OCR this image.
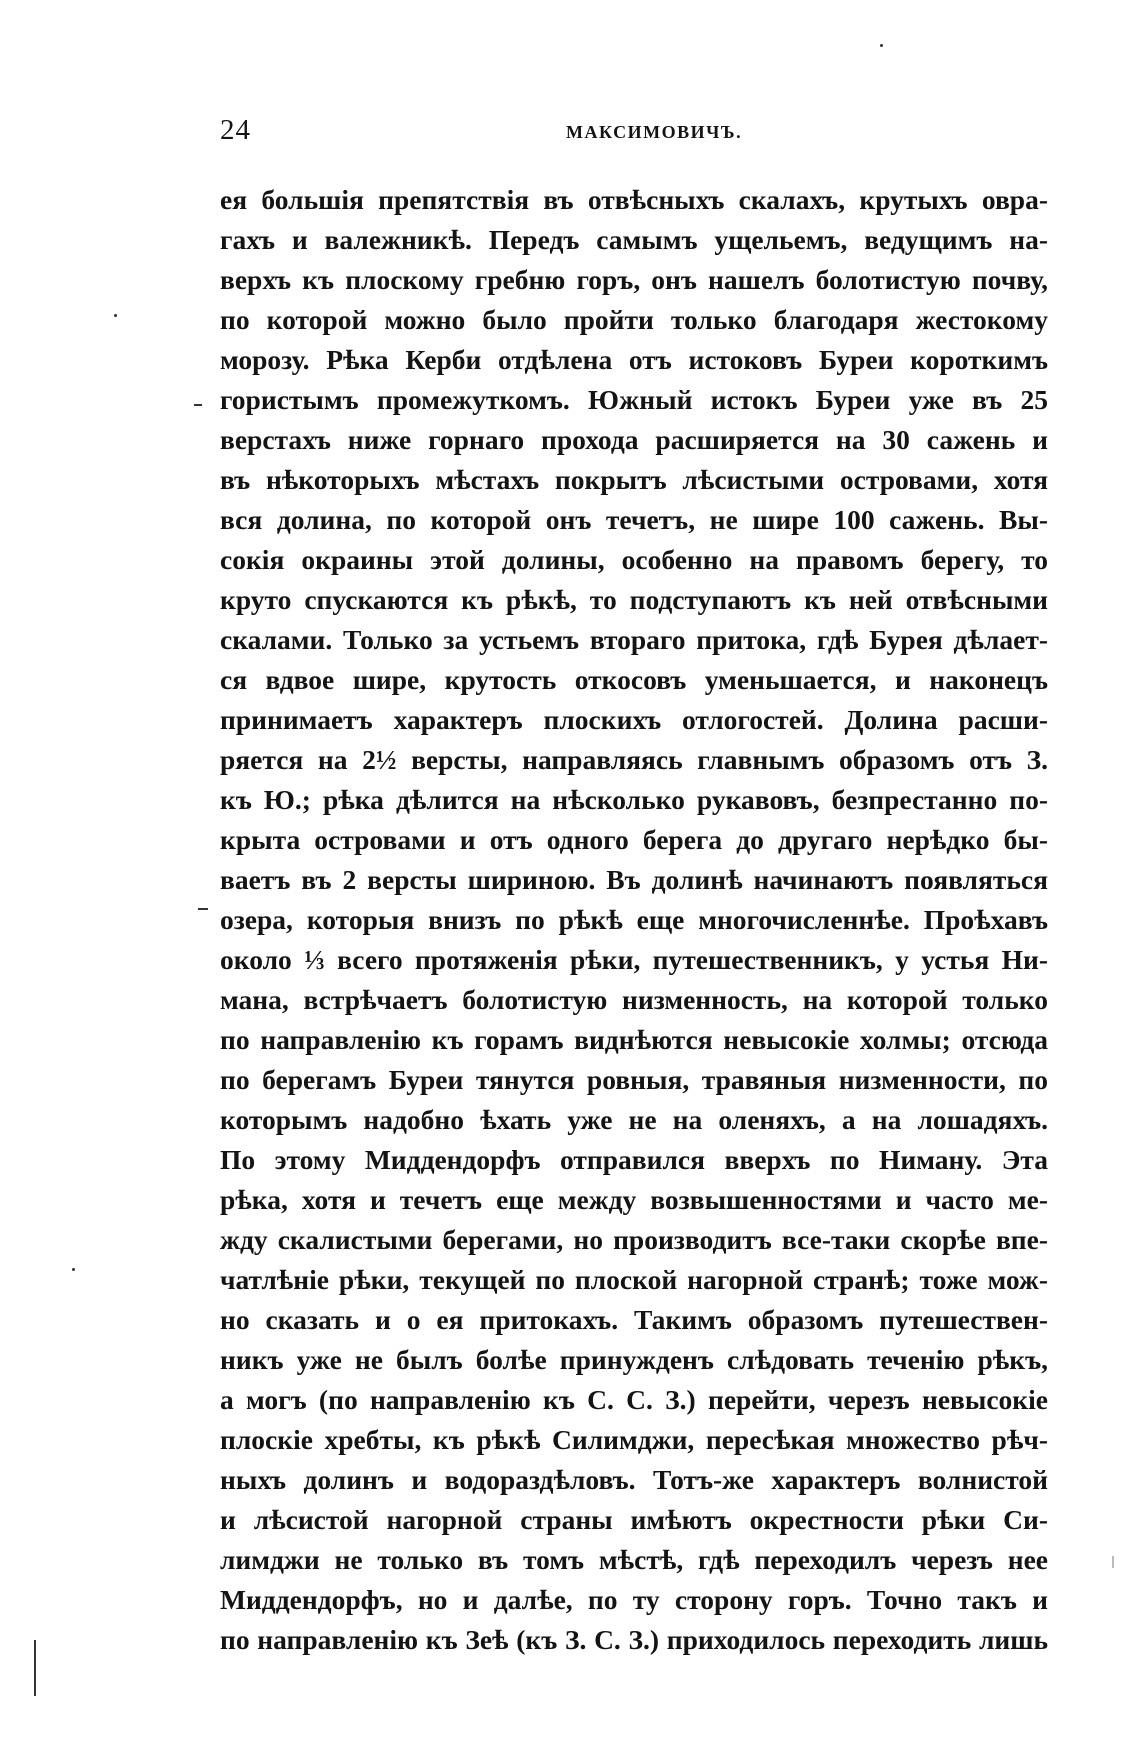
24	МАКСИМОВИЧЪ.
ея большія препятствія въ отвѣсныхъ скалахъ, крутыхъ овра-
гахъ и валежникѣ. Передъ самымъ ущельемъ, ведущимъ на-
верхъ къ плоскому гребню горъ, онъ нашелъ болотистую почву,
по которой можно было пройти только благодаря жестокому
морозу. Рѣка Керби отдѣлена отъ истоковъ Буреи короткимъ
гористымъ промежуткомъ. Южный истокъ Буреи уже въ 25
верстахъ ниже горнаго прохода расширяется на 30 сажень и
въ нѣкоторыхъ мѣстахъ покрытъ лѣсистыми островами, хотя
вся долина, по которой онъ течетъ, не шире 100 сажень. Вы-
сокія окраины этой долины, особенно на правомъ берегу, то
круто спускаются къ рѣкѣ, то подступаютъ къ ней отвѣсными
скалами. Только за устьемъ втораго притока, гдѣ Бурея дѣлает-
ся вдвое шире, крутость откосовъ уменьшается, и наконецъ
принимаетъ характеръ плоскихъ отлогостей. Долина расши-
ряется на 2½ версты, направляясь главнымъ образомъ отъ З.
къ Ю.; рѣка дѣлится на нѣсколько рукавовъ, безпрестанно по-
крыта островами и отъ одного берега до другаго нерѣдко бы-
ваетъ въ 2 версты шириною. Въ долинѣ начинаютъ появляться
озера, которыя внизъ по рѣкѣ еще многочисленнѣе. Проѣхавъ
около ⅓ всего протяженія рѣки, путешественникъ, у устья Ни-
мана, встрѣчаетъ болотистую низменность, на которой только
по направленію къ горамъ виднѣются невысокіе холмы; отсюда
по берегамъ Буреи тянутся ровныя, травяныя низменности, по
которымъ надобно ѣхать уже не на оленяхъ, а на лошадяхъ.
По этому Миддендорфъ отправился вверхъ по Ниману. Эта
рѣка, хотя и течетъ еще между возвышенностями и часто ме-
жду скалистыми берегами, но производитъ все-таки скорѣе впе-
чатлѣніе рѣки, текущей по плоской нагорной странѣ; тоже мож-
но сказать и о ея притокахъ. Такимъ образомъ путешествен-
никъ уже не былъ болѣе принужденъ слѣдовать теченію рѣкъ,
а могъ (по направленію къ С. С. З.) перейти, черезъ невысокіе
плоскіе хребты, къ рѣкѣ Силимджи, пересѣкая множество рѣч-
ныхъ долинъ и водораздѣловъ. Тотъ-же характеръ волнистой
и лѣсистой нагорной страны имѣютъ окрестности рѣки Си-
лимджи не только въ томъ мѣстѣ, гдѣ переходилъ черезъ нее
Миддендорфъ, но и далѣе, по ту сторону горъ. Точно такъ и
по направленію къ Зеѣ (къ З. С. З.) приходилось переходить лишь
